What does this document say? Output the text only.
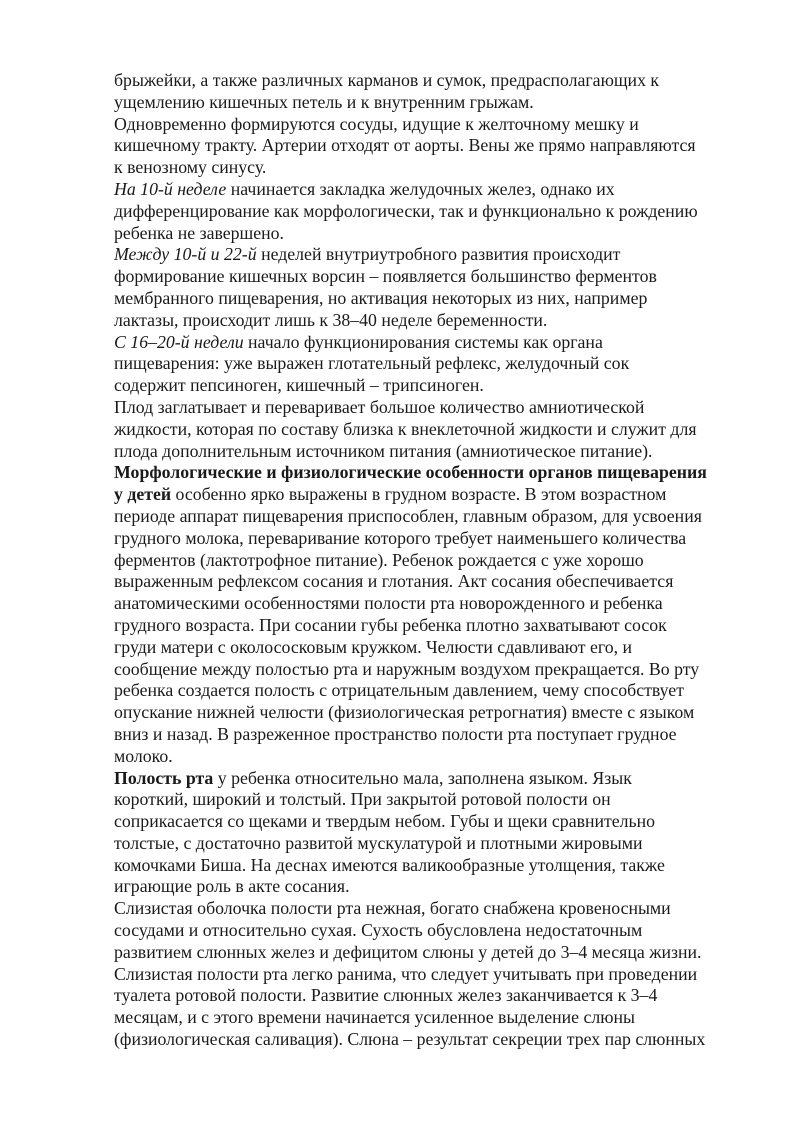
брыжейки, а также различных карманов и сумок, предрасполагающих к
ущемлению кишечных петель и к внутренним грыжам.
Одновременно формируются сосуды, идущие к желточному мешку и
кишечному тракту. Артерии отходят от аорты. Вены же прямо направляются
к венозному синусу.
На 10-й неделе начинается закладка желудочных желез, однако их
дифференцирование как морфологически, так и функционально к рождению
ребенка не завершено.
Между 10-й и 22-й неделей внутриутробного развития происходит
формирование кишечных ворсин – появляется большинство ферментов
мембранного пищеварения, но активация некоторых из них, например
лактазы, происходит лишь к 38–40 неделе беременности.
С 16–20-й недели начало функционирования системы как органа
пищеварения: уже выражен глотательный рефлекс, желудочный сок
содержит пепсиноген, кишечный – трипсиноген.
Плод заглатывает и переваривает большое количество амниотической
жидкости, которая по составу близка к внеклеточной жидкости и служит для
плода дополнительным источником питания (амниотическое питание).
Морфологические и физиологические особенности органов пищеварения
у детей особенно ярко выражены в грудном возрасте. В этом возрастном
периоде аппарат пищеварения приспособлен, главным образом, для усвоения
грудного молока, переваривание которого требует наименьшего количества
ферментов (лактотрофное питание). Ребенок рождается с уже хорошо
выраженным рефлексом сосания и глотания. Акт сосания обеспечивается
анатомическими особенностями полости рта новорожденного и ребенка
грудного возраста. При сосании губы ребенка плотно захватывают сосок
груди матери с околососковым кружком. Челюсти сдавливают его, и
сообщение между полостью рта и наружным воздухом прекращается. Во рту
ребенка создается полость с отрицательным давлением, чему способствует
опускание нижней челюсти (физиологическая ретрогнатия) вместе с языком
вниз и назад. В разреженное пространство полости рта поступает грудное
молоко.
Полость рта у ребенка относительно мала, заполнена языком. Язык
короткий, широкий и толстый. При закрытой ротовой полости он
соприкасается со щеками и твердым небом. Губы и щеки сравнительно
толстые, с достаточно развитой мускулатурой и плотными жировыми
комочками Биша. На деснах имеются валикообразные утолщения, также
играющие роль в акте сосания.
Слизистая оболочка полости рта нежная, богато снабжена кровеносными
сосудами и относительно сухая. Сухость обусловлена недостаточным
развитием слюнных желез и дефицитом слюны у детей до 3–4 месяца жизни.
Слизистая полости рта легко ранима, что следует учитывать при проведении
туалета ротовой полости. Развитие слюнных желез заканчивается к 3–4
месяцам, и с этого времени начинается усиленное выделение слюны
(физиологическая саливация). Слюна – результат секреции трех пар слюнных
